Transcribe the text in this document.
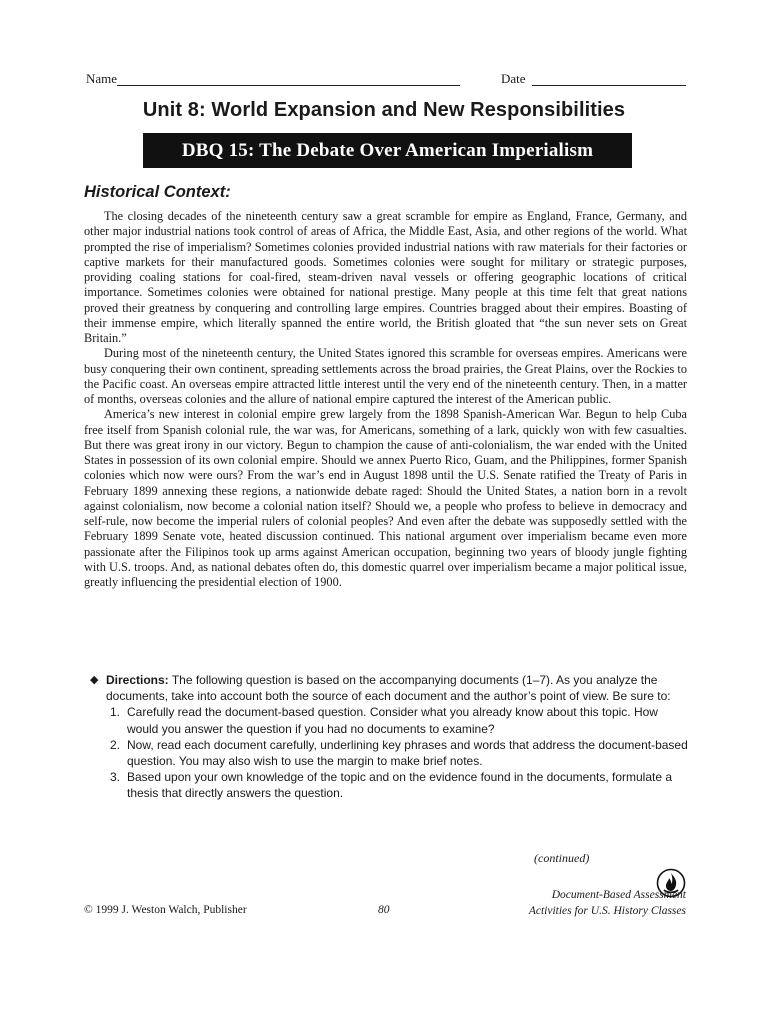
Name	Date
Unit 8: World Expansion and New Responsibilities
DBQ 15: The Debate Over American Imperialism
Historical Context:

The closing decades of the nineteenth century saw a great scramble for empire as England, France, Germany, and other major industrial nations took control of areas of Africa, the Middle East, Asia, and other regions of the world. What prompted the rise of imperialism? Sometimes colonies provided industrial nations with raw materials for their factories or captive markets for their manufactured goods. Sometimes colonies were sought for military or strategic purposes, providing coaling stations for coal-fired, steam-driven naval vessels or offering geographic locations of critical importance. Sometimes colonies were obtained for national prestige. Many people at this time felt that great nations proved their greatness by conquering and controlling large empires. Countries bragged about their empires. Boasting of their immense empire, which literally spanned the entire world, the British gloated that “the sun never sets on Great Britain.”

During most of the nineteenth century, the United States ignored this scramble for overseas empires. Americans were busy conquering their own continent, spreading settlements across the broad prairies, the Great Plains, over the Rockies to the Pacific coast. An overseas empire attracted little interest until the very end of the nineteenth century. Then, in a matter of months, overseas colonies and the allure of national empire captured the interest of the American public.

America’s new interest in colonial empire grew largely from the 1898 Spanish-American War. Begun to help Cuba free itself from Spanish colonial rule, the war was, for Americans, something of a lark, quickly won with few casualties. But there was great irony in our victory. Begun to champion the cause of anti-colonialism, the war ended with the United States in possession of its own colonial empire. Should we annex Puerto Rico, Guam, and the Philippines, former Spanish colonies which now were ours? From the war’s end in August 1898 until the U.S. Senate ratified the Treaty of Paris in February 1899 annexing these regions, a nationwide debate raged: Should the United States, a nation born in a revolt against colonialism, now become a colonial nation itself? Should we, a people who profess to believe in democracy and self-rule, now become the imperial rulers of colonial peoples? And even after the debate was supposedly settled with the February 1899 Senate vote, heated discussion continued. This national argument over imperialism became even more passionate after the Filipinos took up arms against American occupation, beginning two years of bloody jungle fighting with U.S. troops. And, as national debates often do, this domestic quarrel over imperialism became a major political issue, greatly influencing the presidential election of 1900.

◆ Directions: The following question is based on the accompanying documents (1–7). As you analyze the documents, take into account both the source of each document and the author’s point of view. Be sure to:

1. Carefully read the document-based question. Consider what you already know about this topic. How would you answer the question if you had no documents to examine?
2. Now, read each document carefully, underlining key phrases and words that address the document-based question. You may also wish to use the margin to make brief notes.
3. Based upon your own knowledge of the topic and on the evidence found in the documents, formulate a thesis that directly answers the question.
(continued)
© 1999 J. Weston Walch, Publisher	80
Document-Based Assessment
Activities for U.S. History Classes
